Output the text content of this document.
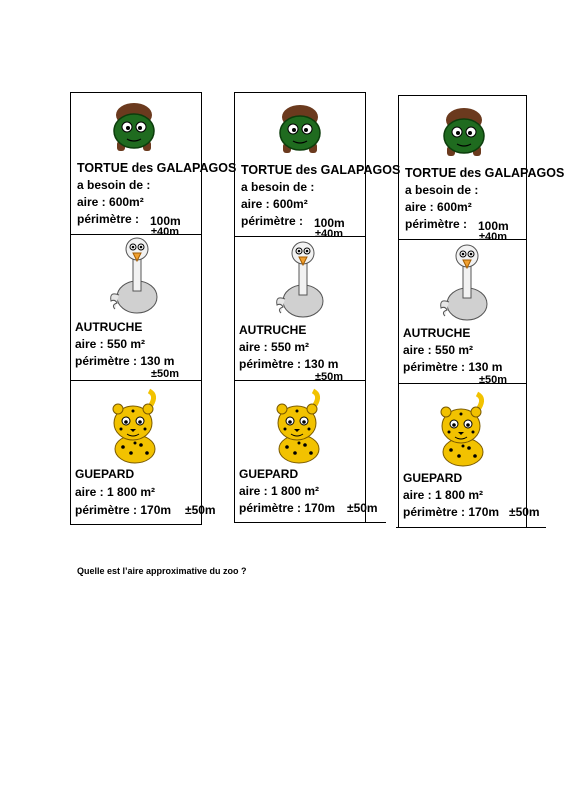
TORTUE des GALAPAGOS
a besoin de :
aire : 600m²
périmètre : 100m
±40m
AUTRUCHE
aire : 550 m²
périmètre : 130 m
±50m
GUEPARD
aire : 1 800 m²
périmètre : 170m ±50m
TORTUE des GALAPAGOS
a besoin de :
aire : 600m²
périmètre : 100m
±40m
AUTRUCHE
aire : 550 m²
périmètre : 130 m
±50m
GUEPARD
aire : 1 800 m²
périmètre : 170m ±50m
TORTUE des GALAPAGOS
a besoin de :
aire : 600m²
périmètre : 100m
±40m
AUTRUCHE
aire : 550 m²
périmètre : 130 m
±50m
GUEPARD
aire : 1 800 m²
périmètre : 170m ±50m
Quelle est l’aire approximative du zoo ?
